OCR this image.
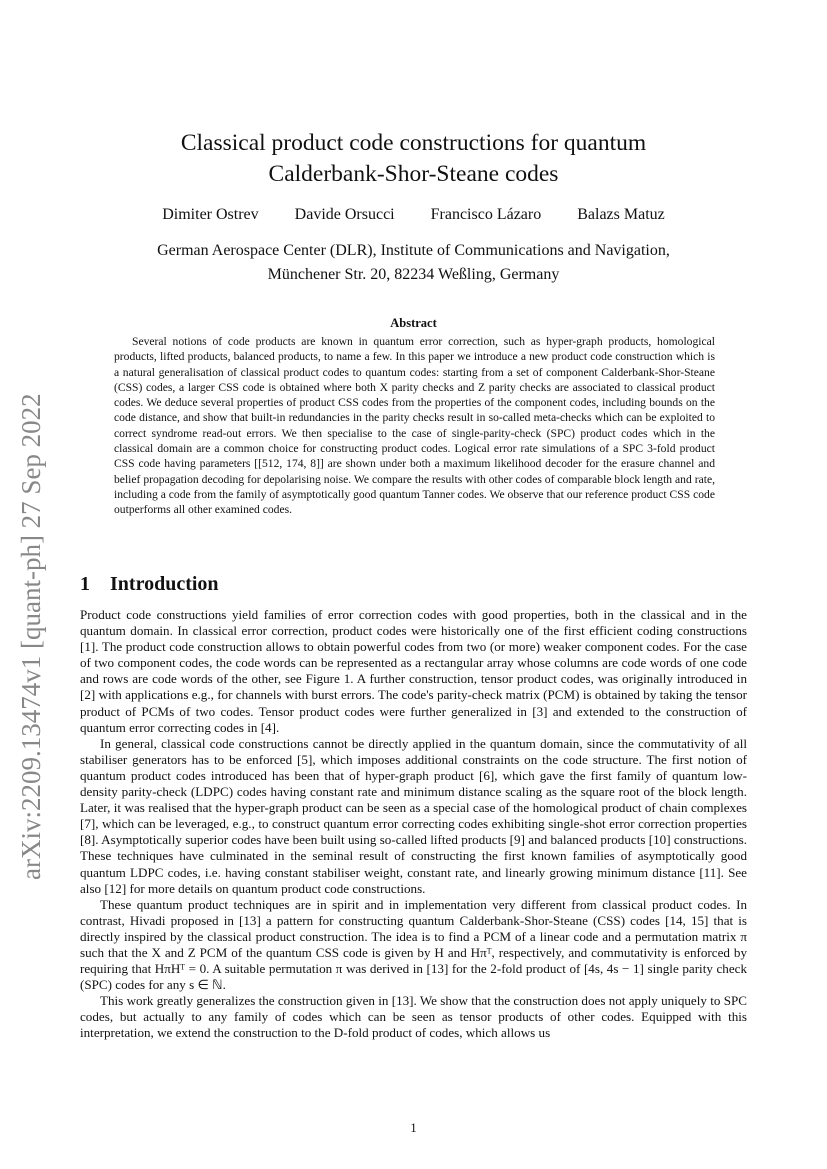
arXiv:2209.13474v1 [quant-ph] 27 Sep 2022
Classical product code constructions for quantum
Calderbank-Shor-Steane codes
Dimiter Ostrev Davide Orsucci Francisco Lázaro Balazs Matuz
German Aerospace Center (DLR), Institute of Communications and Navigation,
Münchener Str. 20, 82234 Weßling, Germany
Abstract
Several notions of code products are known in quantum error correction, such as hyper-graph products, homological products, lifted products, balanced products, to name a few. In this paper we introduce a new product code construction which is a natural generalisation of classical product codes to quantum codes: starting from a set of component Calderbank-Shor-Steane (CSS) codes, a larger CSS code is obtained where both X parity checks and Z parity checks are associated to classical product codes. We deduce several properties of product CSS codes from the properties of the component codes, including bounds on the code distance, and show that built-in redundancies in the parity checks result in so-called meta-checks which can be exploited to correct syndrome read-out errors. We then specialise to the case of single-parity-check (SPC) product codes which in the classical domain are a common choice for constructing product codes. Logical error rate simulations of a SPC 3-fold product CSS code having parameters [[512, 174, 8]] are shown under both a maximum likelihood decoder for the erasure channel and belief propagation decoding for depolarising noise. We compare the results with other codes of comparable block length and rate, including a code from the family of asymptotically good quantum Tanner codes. We observe that our reference product CSS code outperforms all other examined codes.
1 Introduction

Product code constructions yield families of error correction codes with good properties, both in the classical and in the quantum domain. In classical error correction, product codes were historically one of the first efficient coding constructions [1]. The product code construction allows to obtain powerful codes from two (or more) weaker component codes. For the case of two component codes, the code words can be represented as a rectangular array whose columns are code words of one code and rows are code words of the other, see Figure 1. A further construction, tensor product codes, was originally introduced in [2] with applications e.g., for channels with burst errors. The code's parity-check matrix (PCM) is obtained by taking the tensor product of PCMs of two codes. Tensor product codes were further generalized in [3] and extended to the construction of quantum error correcting codes in [4].

In general, classical code constructions cannot be directly applied in the quantum domain, since the commutativity of all stabiliser generators has to be enforced [5], which imposes additional constraints on the code structure. The first notion of quantum product codes introduced has been that of hyper-graph product [6], which gave the first family of quantum low-density parity-check (LDPC) codes having constant rate and minimum distance scaling as the square root of the block length. Later, it was realised that the hyper-graph product can be seen as a special case of the homological product of chain complexes [7], which can be leveraged, e.g., to construct quantum error correcting codes exhibiting single-shot error correction properties [8]. Asymptotically superior codes have been built using so-called lifted products [9] and balanced products [10] constructions. These techniques have culminated in the seminal result of constructing the first known families of asymptotically good quantum LDPC codes, i.e. having constant stabiliser weight, constant rate, and linearly growing minimum distance [11]. See also [12] for more details on quantum product code constructions.

These quantum product techniques are in spirit and in implementation very different from classical product codes. In contrast, Hivadi proposed in [13] a pattern for constructing quantum Calderbank-Shor-Steane (CSS) codes [14, 15] that is directly inspired by the classical product construction. The idea is to find a PCM of a linear code and a permutation matrix π such that the X and Z PCM of the quantum CSS code is given by H and Hπᵀ, respectively, and commutativity is enforced by requiring that HπHᵀ = 0. A suitable permutation π was derived in [13] for the 2-fold product of [4s, 4s − 1] single parity check (SPC) codes for any s ∈ ℕ.

This work greatly generalizes the construction given in [13]. We show that the construction does not apply uniquely to SPC codes, but actually to any family of codes which can be seen as tensor products of other codes. Equipped with this interpretation, we extend the construction to the D-fold product of codes, which allows us

1
